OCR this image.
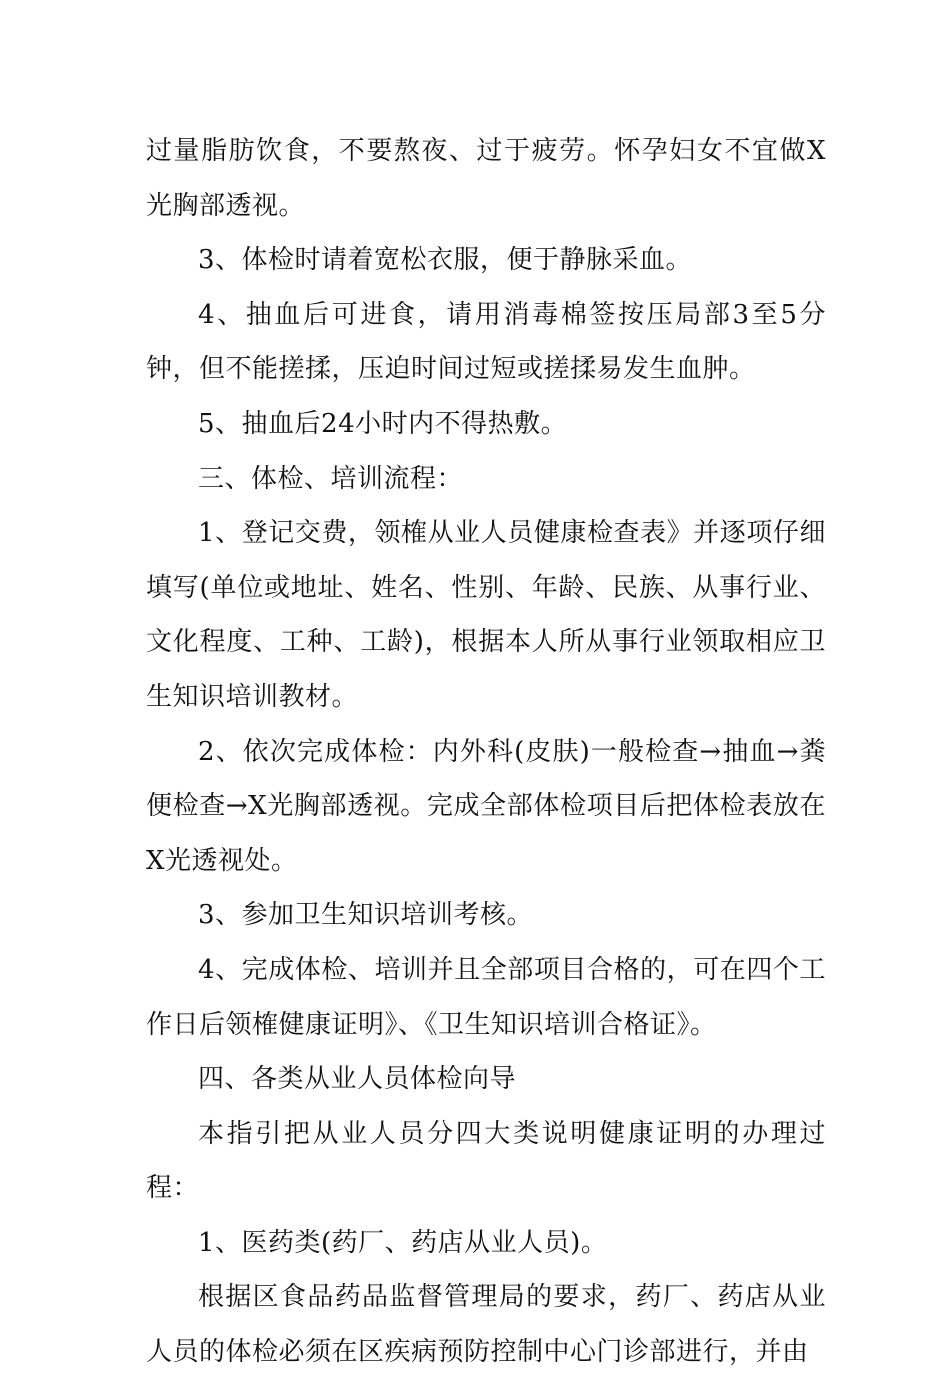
过量脂肪饮食，不要熬夜、过于疲劳。怀孕妇女不宜做X光胸部透视。

3、体检时请着宽松衣服，便于静脉采血。

4、抽血后可进食，请用消毒棉签按压局部3至5分钟，但不能搓揉，压迫时间过短或搓揉易发生血肿。

5、抽血后24小时内不得热敷。

三、体检、培训流程：

1、登记交费，领榷从业人员健康检查表》并逐项仔细填写(单位或地址、姓名、性别、年龄、民族、从事行业、文化程度、工种、工龄)，根据本人所从事行业领取相应卫生知识培训教材。

2、依次完成体检：内外科(皮肤)一般检查→抽血→粪便检查→X光胸部透视。完成全部体检项目后把体检表放在X光透视处。

3、参加卫生知识培训考核。

4、完成体检、培训并且全部项目合格的，可在四个工作日后领榷健康证明》、《卫生知识培训合格证》。

四、各类从业人员体检向导

本指引把从业人员分四大类说明健康证明的办理过程：

1、医药类(药厂、药店从业人员)。

根据区食品药品监督管理局的要求，药厂、药店从业人员的体检必须在区疾病预防控制中心门诊部进行，并由
